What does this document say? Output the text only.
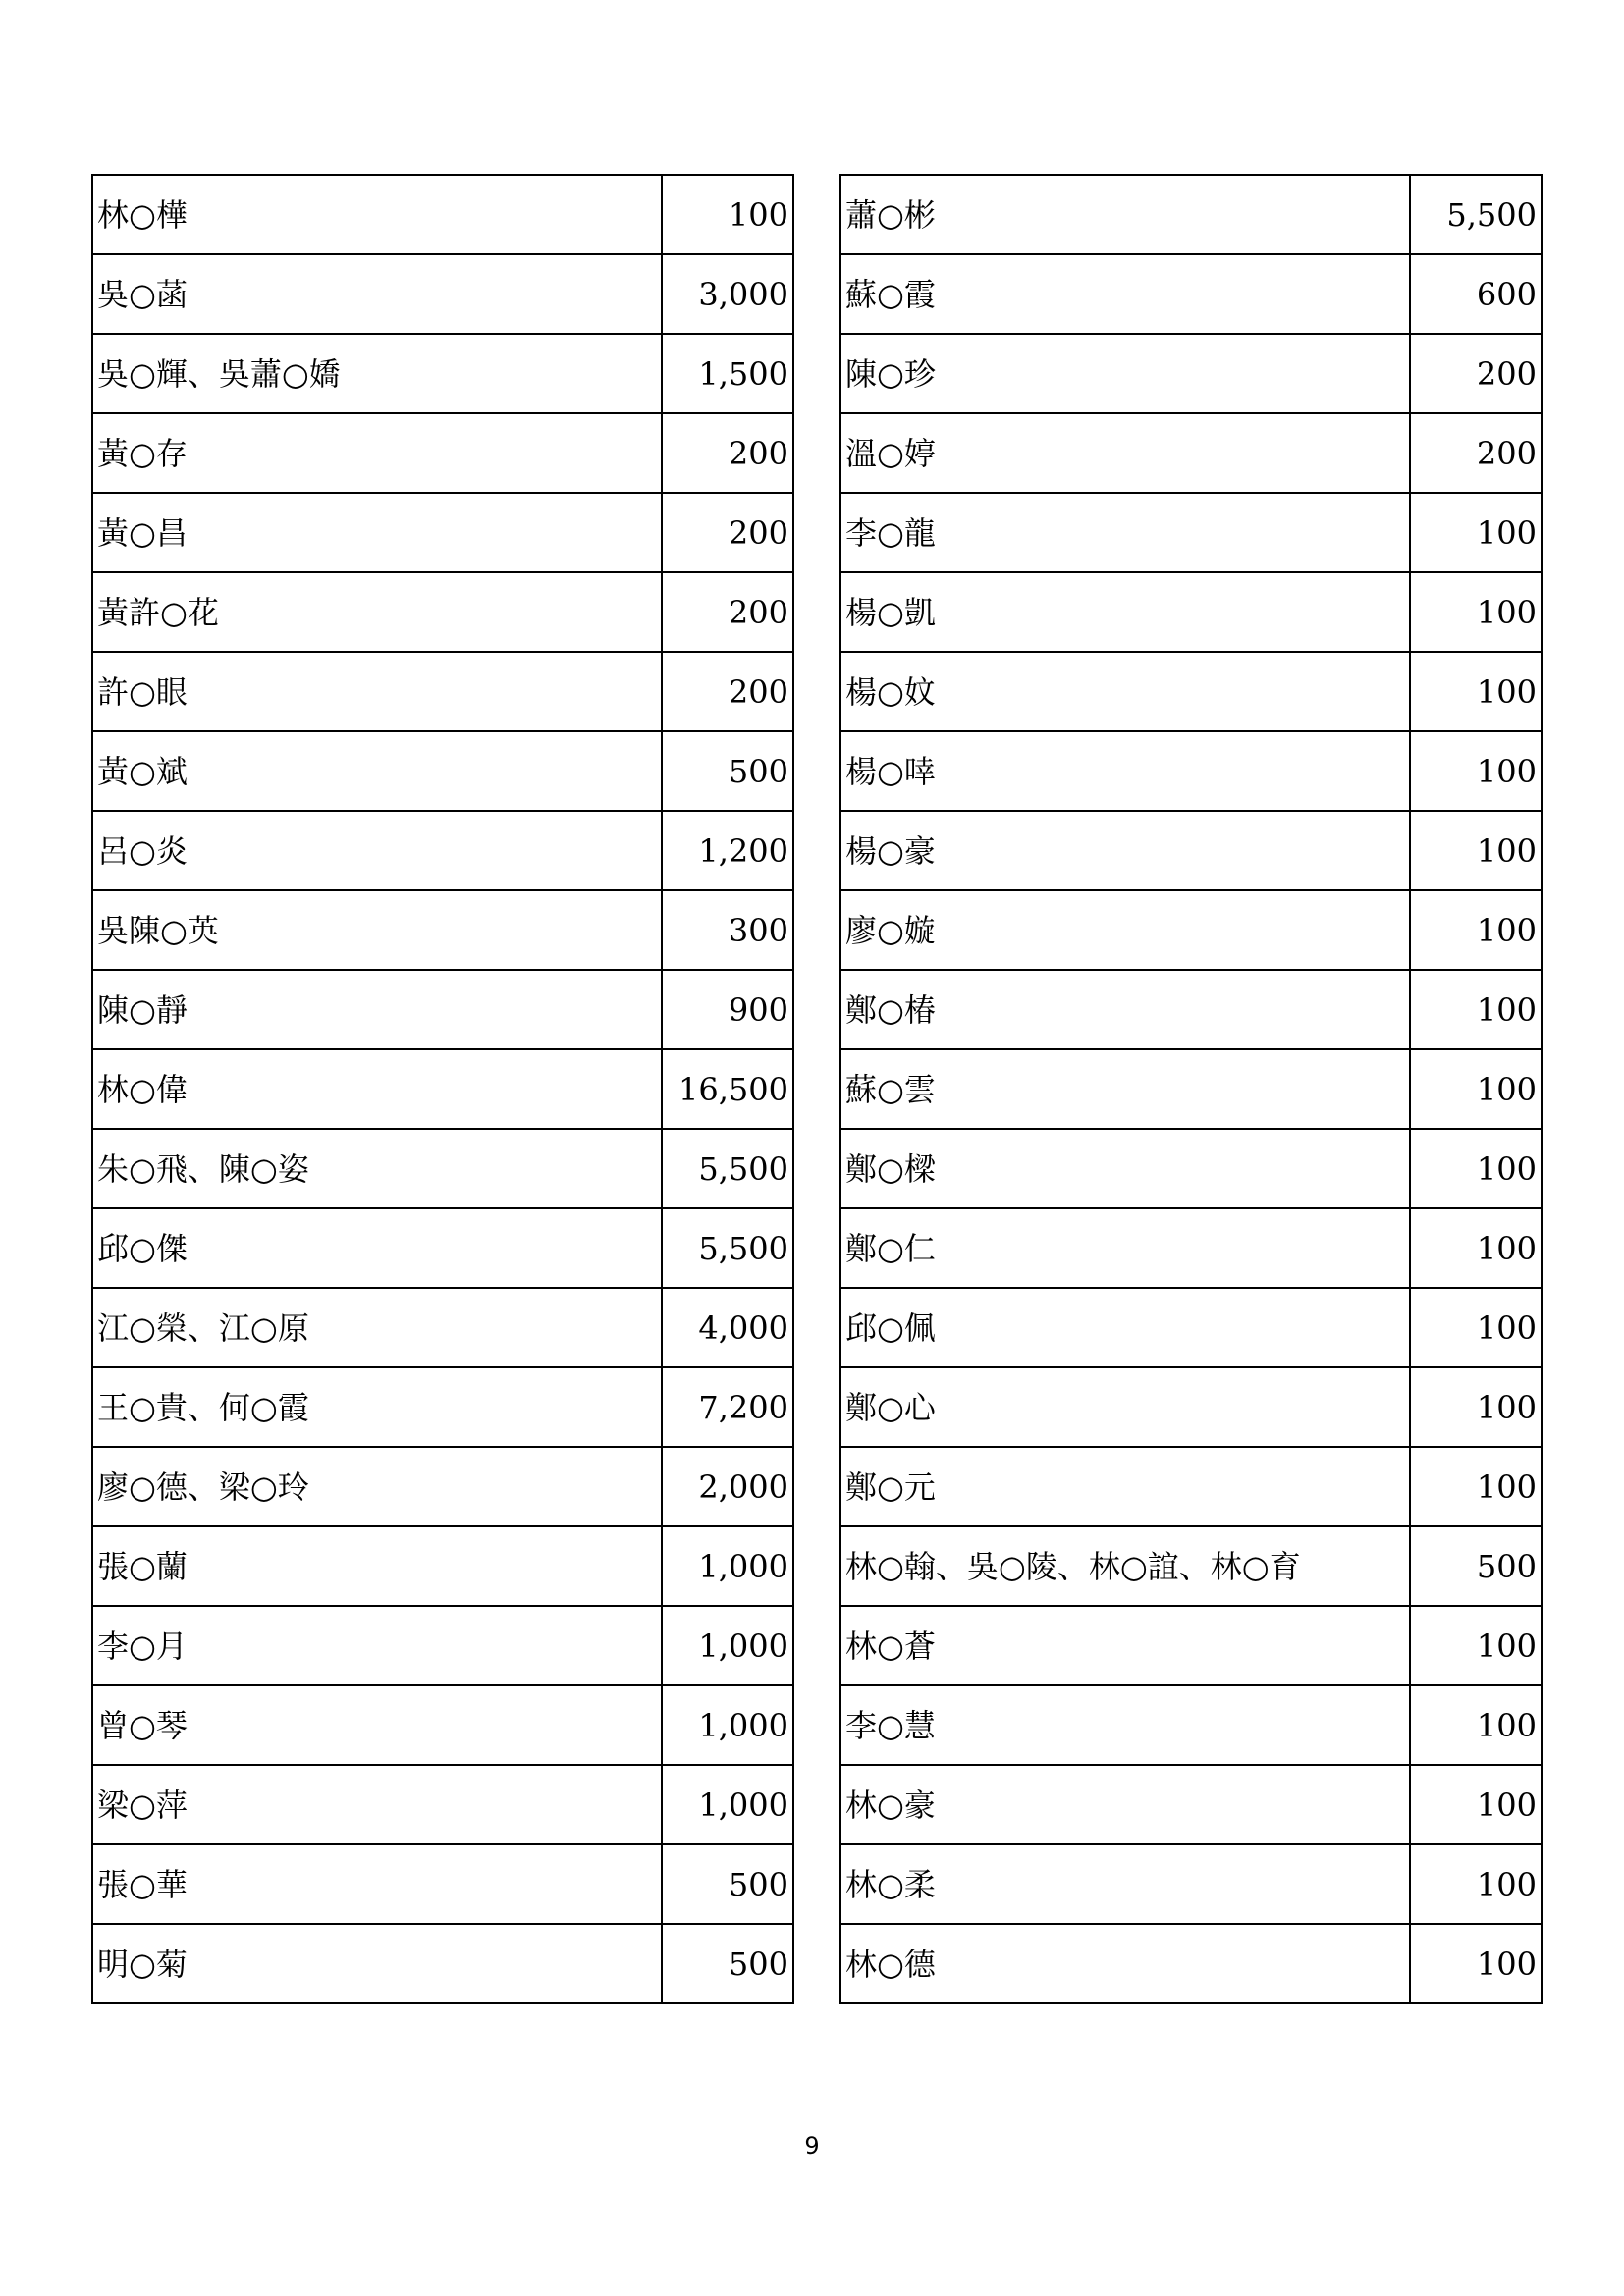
林○樺	100
吳○菡	3,000
吳○輝、吳蕭○嬌	1,500
黃○存	200
黃○昌	200
黃許○花	200
許○眼	200
黃○斌	500
呂○炎	1,200
吳陳○英	300
陳○靜	900
林○偉	16,500
朱○飛、陳○姿	5,500
邱○傑	5,500
江○榮、江○原	4,000
王○貴、何○霞	7,200
廖○德、梁○玲	2,000
張○蘭	1,000
李○月	1,000
曾○琴	1,000
梁○萍	1,000
張○華	500
明○菊	500
蕭○彬	5,500
蘇○霞	600
陳○珍	200
溫○婷	200
李○龍	100
楊○凱	100
楊○妏	100
楊○啈	100
楊○豪	100
廖○嫙	100
鄭○椿	100
蘇○雲	100
鄭○樑	100
鄭○仁	100
邱○佩	100
鄭○心	100
鄭○元	100
林○翰、吳○陵、林○誼、林○育	500
林○蒼	100
李○慧	100
林○豪	100
林○柔	100
林○德	100
9
